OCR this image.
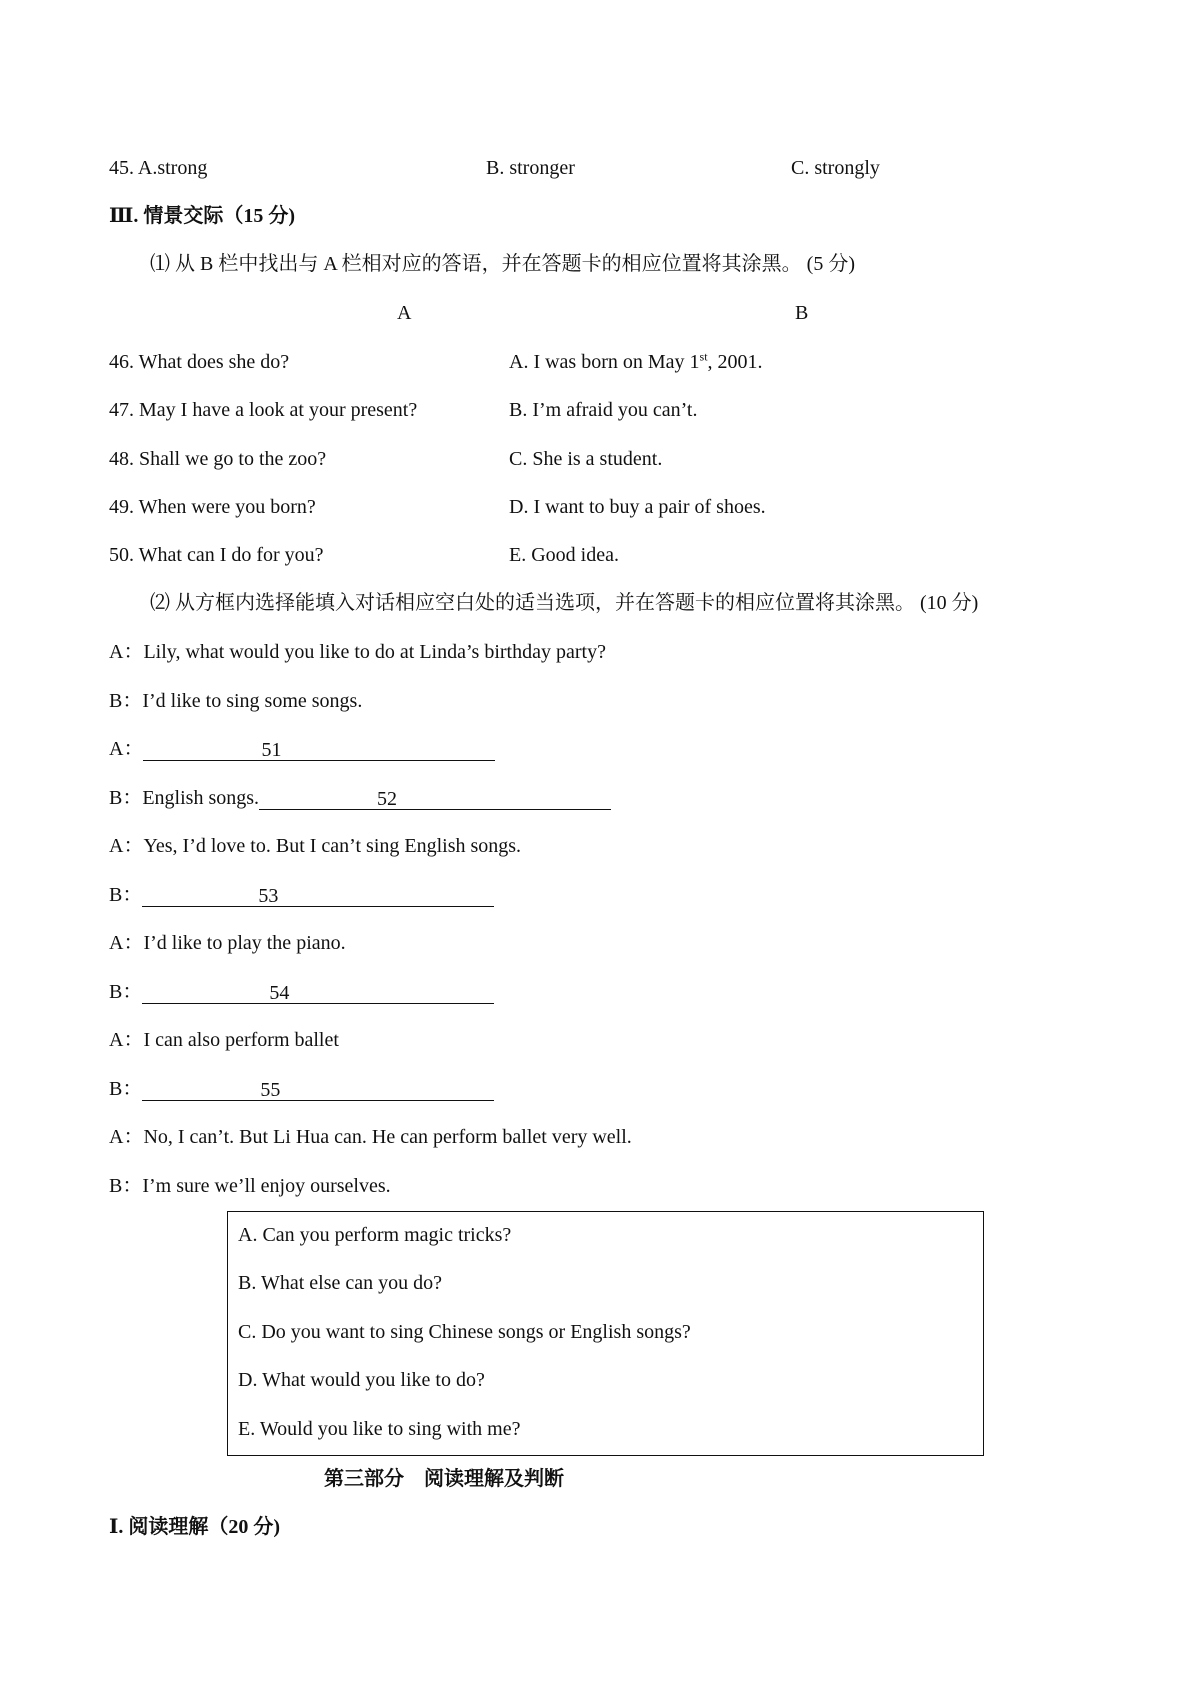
45. A.strong	B. stronger	C. strongly
Ⅲ. 情景交际（15 分)
⑴ 从 B 栏中找出与 A 栏相对应的答语，并在答题卡的相应位置将其涂黑。 (5 分)
A	B
46. What does she do?	A. I was born on May 1st, 2001.
47. May I have a look at your present?	B. I’m afraid you can’t.
48. Shall we go to the zoo?	C. She is a student.
49. When were you born?	D. I want to buy a pair of shoes.
50. What can I do for you?	E. Good idea.
⑵ 从方框内选择能填入对话相应空白处的适当选项，并在答题卡的相应位置将其涂黑。 (10 分)
A：Lily, what would you like to do at Linda’s birthday party?
B：I’d like to sing some songs.
A：	51
B：English songs.	52
A：Yes, I’d love to. But I can’t sing English songs.
B：	53
A：I’d like to play the piano.
B：	54
A：I can also perform ballet
B：	55
A：No, I can’t. But Li Hua can. He can perform ballet very well.
B：I’m sure we’ll enjoy ourselves.
A. Can you perform magic tricks?
B. What else can you do?
C. Do you want to sing Chinese songs or English songs?
D. What would you like to do?
E. Would you like to sing with me?
第三部分　阅读理解及判断
Ⅰ. 阅读理解（20 分)
